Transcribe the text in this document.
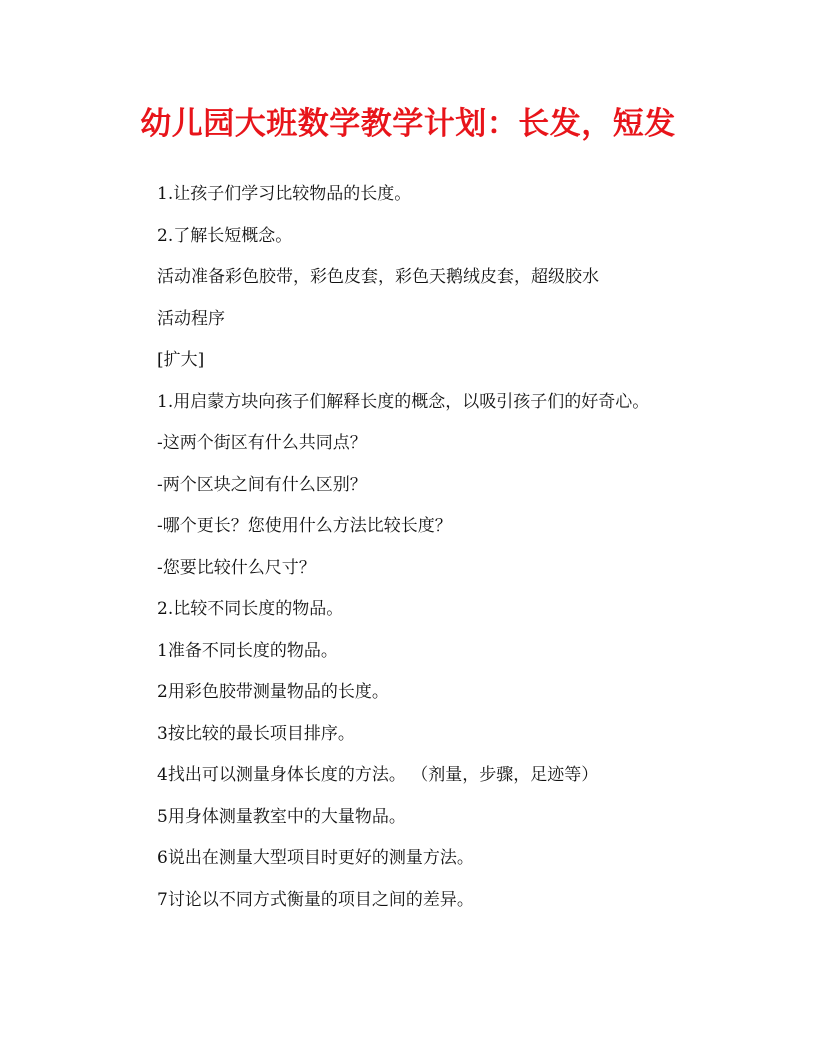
幼儿园大班数学教学计划：长发，短发

1.让孩子们学习比较物品的长度。

2.了解长短概念。

活动准备彩色胶带，彩色皮套，彩色天鹅绒皮套，超级胶水

活动程序

[扩大]

1.用启蒙方块向孩子们解释长度的概念，以吸引孩子们的好奇心。

-这两个街区有什么共同点？

-两个区块之间有什么区别？

-哪个更长？您使用什么方法比较长度？

-您要比较什么尺寸？

2.比较不同长度的物品。

1准备不同长度的物品。

2用彩色胶带测量物品的长度。

3按比较的最长项目排序。

4找出可以测量身体长度的方法。 （剂量，步骤，足迹等）

5用身体测量教室中的大量物品。

6说出在测量大型项目时更好的测量方法。

7讨论以不同方式衡量的项目之间的差异。
